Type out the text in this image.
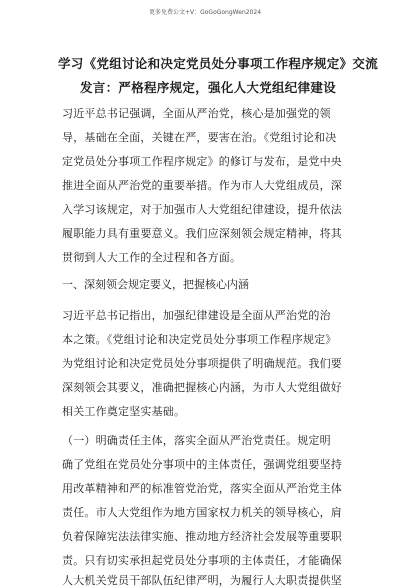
更多免费公文+V：GoGoGongWen2024
学习《党组讨论和决定党员处分事项工作程序规定》交流
发言：严格程序规定，强化人大党组纪律建设
习近平总书记强调，全面从严治党，核心是加强党的领
导，基础在全面，关键在严，要害在治。《党组讨论和决
定党员处分事项工作程序规定》的修订与发布，是党中央
推进全面从严治党的重要举措。作为市人大党组成员，深
入学习该规定，对于加强市人大党组纪律建设，提升依法
履职能力具有重要意义。我们应深刻领会规定精神，将其
贯彻到人大工作的全过程和各方面。
一、深刻领会规定要义，把握核心内涵
习近平总书记指出，加强纪律建设是全面从严治党的治
本之策。《党组讨论和决定党员处分事项工作程序规定》
为党组讨论和决定党员处分事项提供了明确规范。我们要
深刻领会其要义，准确把握核心内涵，为市人大党组做好
相关工作奠定坚实基础。
（一）明确责任主体，落实全面从严治党责任。规定明
确了党组在党员处分事项中的主体责任，强调党组要坚持
用改革精神和严的标准管党治党，落实全面从严治党主体
责任。市人大党组作为地方国家权力机关的领导核心，肩
负着保障宪法法律实施、推动地方经济社会发展等重要职
责。只有切实承担起党员处分事项的主体责任，才能确保
人大机关党员干部队伍纪律严明，为履行人大职责提供坚
